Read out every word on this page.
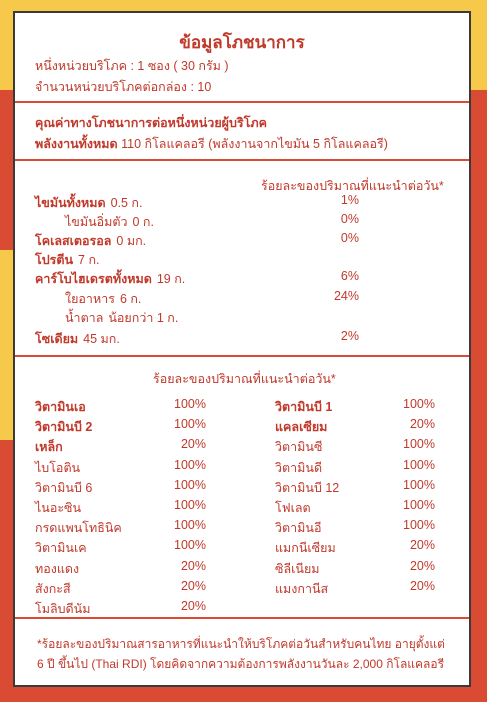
ข้อมูลโภชนาการ
หนึ่งหน่วยบริโภค : 1 ซอง ( 30 กรัม )
จำนวนหน่วยบริโภคต่อกล่อง : 10
คุณค่าทางโภชนาการต่อหนึ่งหน่วยผู้บริโภค
พลังงานทั้งหมด 110 กิโลแคลอรี (พลังงานจากไขมัน 5 กิโลแคลอรี)
ร้อยละของปริมาณที่แนะนำต่อวัน*
ไขมันทั้งหมด 0.5 ก.	1%
ไขมันอิ่มตัว 0 ก.	0%
โคเลสเตอรอล 0 มก.	0%
โปรตีน 7 ก.
คาร์โบไฮเดรตทั้งหมด 19 ก.	6%
ใยอาหาร 6 ก.	24%
น้ำตาล น้อยกว่า 1 ก.
โซเดียม 45 มก.	2%
ร้อยละของปริมาณที่แนะนำต่อวัน*
วิตามินเอ	100%
วิตามินบี 2	100%
เหล็ก	20%
ไบโอติน	100%
วิตามินบี 6	100%
ไนอะซิน	100%
กรดแพนโทธินิค	100%
วิตามินเค	100%
ทองแดง	20%
สังกะสี	20%
โมลิบดีนัม	20%
วิตามินบี 1	100%
แคลเซียม	20%
วิตามินซี	100%
วิตามินดี	100%
วิตามินบี 12	100%
โฟเลต	100%
วิตามินอี	100%
แมกนีเซียม	20%
ซิลีเนียม	20%
แมงกานีส	20%
*ร้อยละของปริมาณสารอาหารที่แนะนำให้บริโภคต่อวันสำหรับคนไทย อายุตั้งแต่
6 ปี ขึ้นไป (Thai RDI) โดยคิดจากความต้องการพลังงานวันละ 2,000 กิโลแคลอรี
